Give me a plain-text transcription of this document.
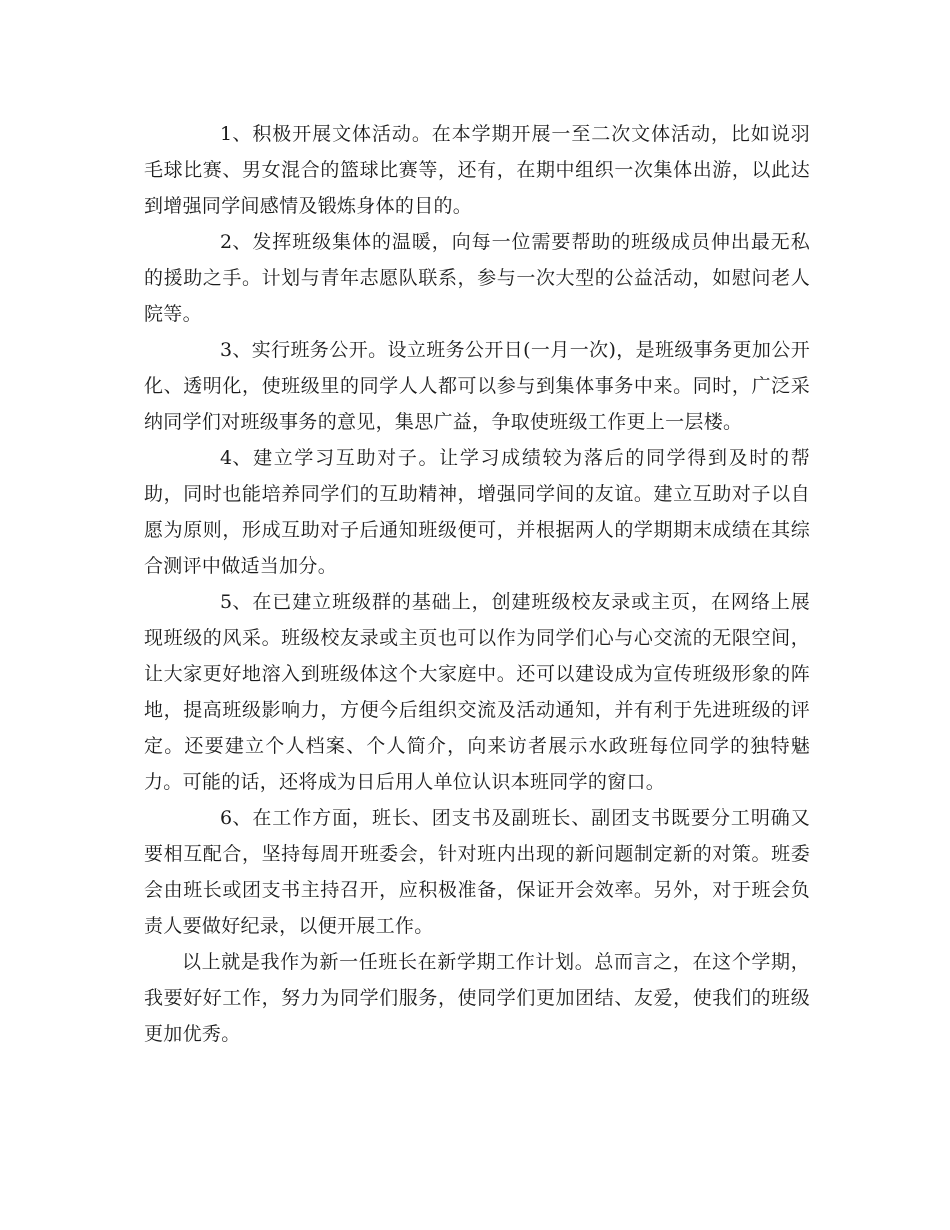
1、积极开展文体活动。在本学期开展一至二次文体活动，比如说羽毛球比赛、男女混合的篮球比赛等，还有，在期中组织一次集体出游，以此达到增强同学间感情及锻炼身体的目的。

2、发挥班级集体的温暖，向每一位需要帮助的班级成员伸出最无私的援助之手。计划与青年志愿队联系，参与一次大型的公益活动，如慰问老人院等。

3、实行班务公开。设立班务公开日(一月一次)，是班级事务更加公开化、透明化，使班级里的同学人人都可以参与到集体事务中来。同时，广泛采纳同学们对班级事务的意见，集思广益，争取使班级工作更上一层楼。

4、建立学习互助对子。让学习成绩较为落后的同学得到及时的帮助，同时也能培养同学们的互助精神，增强同学间的友谊。建立互助对子以自愿为原则，形成互助对子后通知班级便可，并根据两人的学期期末成绩在其综合测评中做适当加分。

5、在已建立班级群的基础上，创建班级校友录或主页，在网络上展现班级的风采。班级校友录或主页也可以作为同学们心与心交流的无限空间，让大家更好地溶入到班级体这个大家庭中。还可以建设成为宣传班级形象的阵地，提高班级影响力，方便今后组织交流及活动通知，并有利于先进班级的评定。还要建立个人档案、个人简介，向来访者展示水政班每位同学的独特魅力。可能的话，还将成为日后用人单位认识本班同学的窗口。

6、在工作方面，班长、团支书及副班长、副团支书既要分工明确又要相互配合，坚持每周开班委会，针对班内出现的新问题制定新的对策。班委会由班长或团支书主持召开，应积极准备，保证开会效率。另外，对于班会负责人要做好纪录，以便开展工作。

以上就是我作为新一任班长在新学期工作计划。总而言之，在这个学期，我要好好工作，努力为同学们服务，使同学们更加团结、友爱，使我们的班级更加优秀。
